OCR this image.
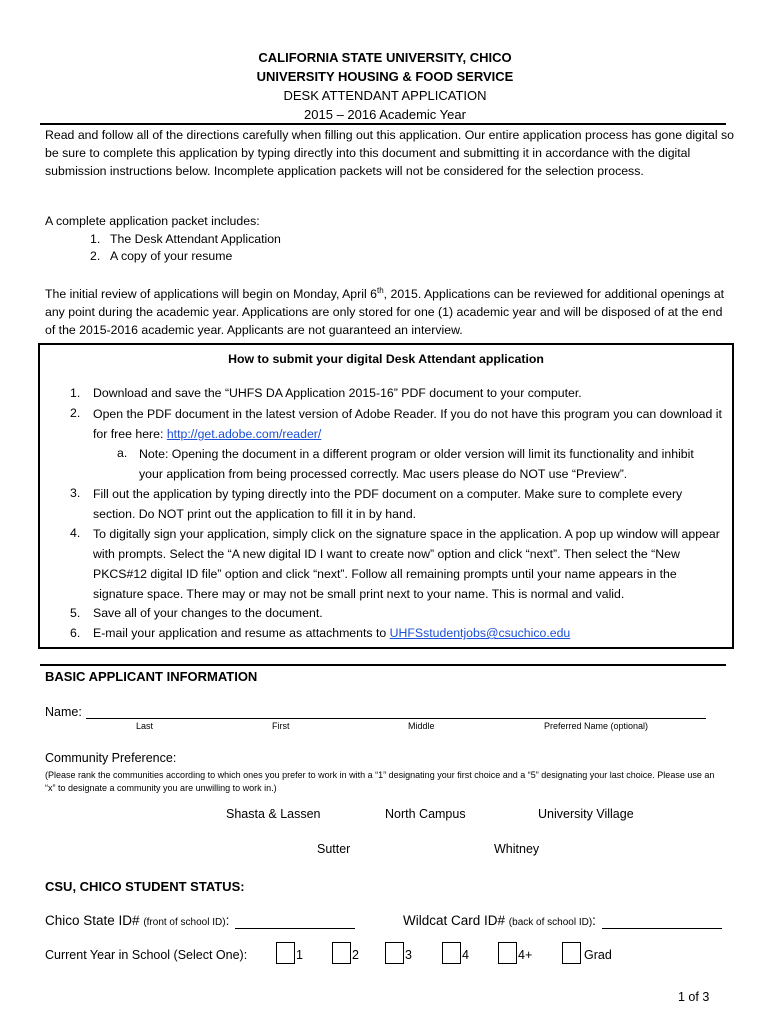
CALIFORNIA STATE UNIVERSITY, CHICO
UNIVERSITY HOUSING & FOOD SERVICE
DESK ATTENDANT APPLICATION
2015 – 2016 Academic Year
Read and follow all of the directions carefully when filling out this application. Our entire application process has gone digital so be sure to complete this application by typing directly into this document and submitting it in accordance with the digital submission instructions below. Incomplete application packets will not be considered for the selection process.
A complete application packet includes:
1. The Desk Attendant Application
2. A copy of your resume
The initial review of applications will begin on Monday, April 6th, 2015. Applications can be reviewed for additional openings at any point during the academic year. Applications are only stored for one (1) academic year and will be disposed of at the end of the 2015-2016 academic year. Applicants are not guaranteed an interview.
How to submit your digital Desk Attendant application
1. Download and save the “UHFS DA Application 2015-16” PDF document to your computer.
2. Open the PDF document in the latest version of Adobe Reader. If you do not have this program you can download it for free here: http://get.adobe.com/reader/
a. Note: Opening the document in a different program or older version will limit its functionality and inhibit your application from being processed correctly. Mac users please do NOT use “Preview”.
3. Fill out the application by typing directly into the PDF document on a computer. Make sure to complete every section. Do NOT print out the application to fill it in by hand.
4. To digitally sign your application, simply click on the signature space in the application. A pop up window will appear with prompts. Select the “A new digital ID I want to create now” option and click “next”. Then select the “New PKCS#12 digital ID file” option and click “next”. Follow all remaining prompts until your name appears in the signature space. There may or may not be small print next to your name. This is normal and valid.
5. Save all of your changes to the document.
6. E-mail your application and resume as attachments to UHFSstudentjobs@csuchico.edu
BASIC APPLICANT INFORMATION
Name:
Last	First	Middle	Preferred Name (optional)
Community Preference:
(Please rank the communities according to which ones you prefer to work in with a “1” designating your first choice and a “5” designating your last choice. Please use an “x” to designate a community you are unwilling to work in.)
Shasta & Lassen	North Campus	University Village
Sutter	Whitney
CSU, CHICO STUDENT STATUS:
Chico State ID# (front of school ID):	Wildcat Card ID# (back of school ID):
Current Year in School (Select One):	1	2	3	4	4+	Grad
1 of 3
